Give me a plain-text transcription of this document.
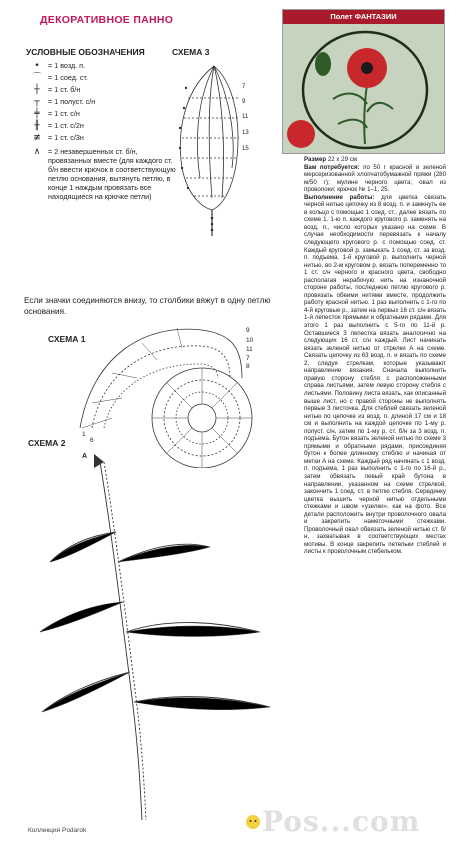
ДЕКОРАТИВНОЕ ПАННО
УСЛОВНЫЕ ОБОЗНАЧЕНИЯ
•	= 1 возд. п.
⌒ = 1 соед. ст.
┼	= 1 ст. б/н
┬	= 1 полуст. с/н
╪	= 1 ст. с/н
╫	= 1 ст. с/2н
≢	= 1 ст. с/3н
∧	= 2 незавершенных ст. б/н, провязанных вместе (для каждого ст. б/н ввести крючок в соответствующую петлю основания, вытянуть петлю, в конце 1 нaждым провязать все находящиеся на крючке петли)
Если значки соединяются внизу, то столбики вяжут в одну петлю основания.
СХЕМА 3
7
9
11
13
15
СХЕМА 1
1
6
7
8
9
10
11
СХЕМА 2
A
Полет ФАНТАЗИИ

Размер 22 х 29 см

Вам потребуется: по 50 г красной и зеленой мерсеризованной хлопчатобумажной пряжи (280 м/50 г); мулине черного цвета; овал из проволоки; крючок № 1–1, 25.

Выполнение работы: для цветка связать черной нитью цепочку из 8 возд. п. и замкнуть ее в кольцо с помощью 1 соед. ст., далее вязать по схеме 1. 1-ю п. каждого кругового р. заменять на возд. п., число которых указано на схеме. В случае необходимости перевязать к началу следующего кругового р. с помощью соед. ст. Каждый круговой р. замыкать 1 соед. ст. за возд. п. подъема. 1-й круговой р. выполнить черной нитью, во 2-м круговом р. вязать попеременно то 1 ст. с/н черного и красного цвета, свободно располагая нерабочую нить на изнаночной стороне работы, последнюю петлю кругового р. провязать обеими нитями вместе, продолжить работу красной нитью. 1 раз выполнить с 1-го по 4-й круговые р., затем на первых 16 ст. с/н вязать 1-й лепесток прямыми и обратными рядами. Для этого 1 раз выполнить с 5-го по 11-й р. Оставшиеся 3 лепестка вязать аналогично на следующих 16 ст. с/н каждый. Лист начинать вязать зеленой нитью от стрелки А на схеме. Связать цепочку из 63 возд. п. и вязать по схеме 2, следуя стрелкам, которые указывают направление вязания. Сначала выполнить правую сторону стебля с расположенными справа листьями, затем левую сторону стебля с листьями. Половину листа вязать, как описанный выше лист, но с правой стороны не выполнять первые 3 листочка. Для стеблей связать зеленой нитью по цепочке из возд. п. длиной 17 см и 18 см и выполнить на каждой цепочке по 1-му р. полуст. с/н, затем по 1-му р. ст. б/н за 3 возд. п. подъема. Бутон вязать зеленой нитью по схеме 3 прямыми и обратными рядами, присоединяя бутон к более длинному стеблю и начиная от метки А на схеме. Каждый ряд начинать с 1 возд. п. подъема, 1 раз выполнить с 1-го по 16-й р., затем обвязать левый край бутона в направлении, указанном на схеме стрелкой, закончить 1 соед. ст. в петлю стебля. Серединку цветка вышить черной нитью отдельными стежками и швом «узелки», как на фото. Все детали расположить внутри проволочного овала и закрепить наметочными стежками. Проволочный овал обвязать зеленой нитью ст. б/н, захватывая в соответствующих местах мотивы. В конце закрепить петельки стеблей и листы к проволочным стебельком.

Коллекция Podarok	Pos...com
